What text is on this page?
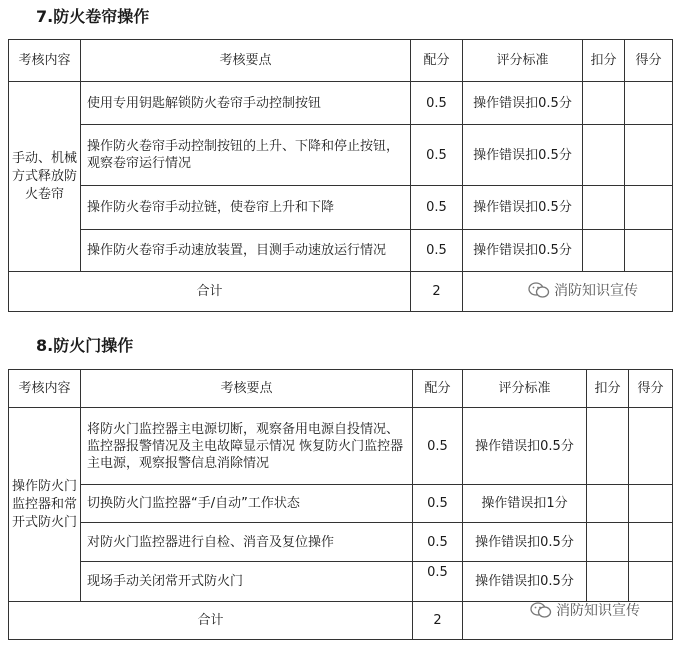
7.防火卷帘操作
考核内容	考核要点	配分	评分标准	扣分	得分
手动、机械方式释放防火卷帘	使用专用钥匙解锁防火卷帘手动控制按钮	0.5	操作错误扣0.5分		
	操作防火卷帘手动控制按钮的上升、下降和停止按钮，观察卷帘运行情况	0.5	操作错误扣0.5分		
	操作防火卷帘手动拉链，使卷帘上升和下降	0.5	操作错误扣0.5分		
	操作防火卷帘手动速放装置，目测手动速放运行情况	0.5	操作错误扣0.5分		
合计		2				消防知识宣传
8.防火门操作
考核内容	考核要点	配分	评分标准	扣分	得分
操作防火门监控器和常开式防火门	将防火门监控器主电源切断，观察备用电源自投情况、监控器报警情况及主电故障显示情况 恢复防火门监控器主电源，观察报警信息消除情况	0.5	操作错误扣0.5分		
	切换防火门监控器“手/自动”工作状态	0.5	操作错误扣1分		
	对防火门监控器进行自检、消音及复位操作	0.5	操作错误扣0.5分		
	现场手动关闭常开式防火门	0.5	操作错误扣0.5分		
合计		2			
消防知识宣传
